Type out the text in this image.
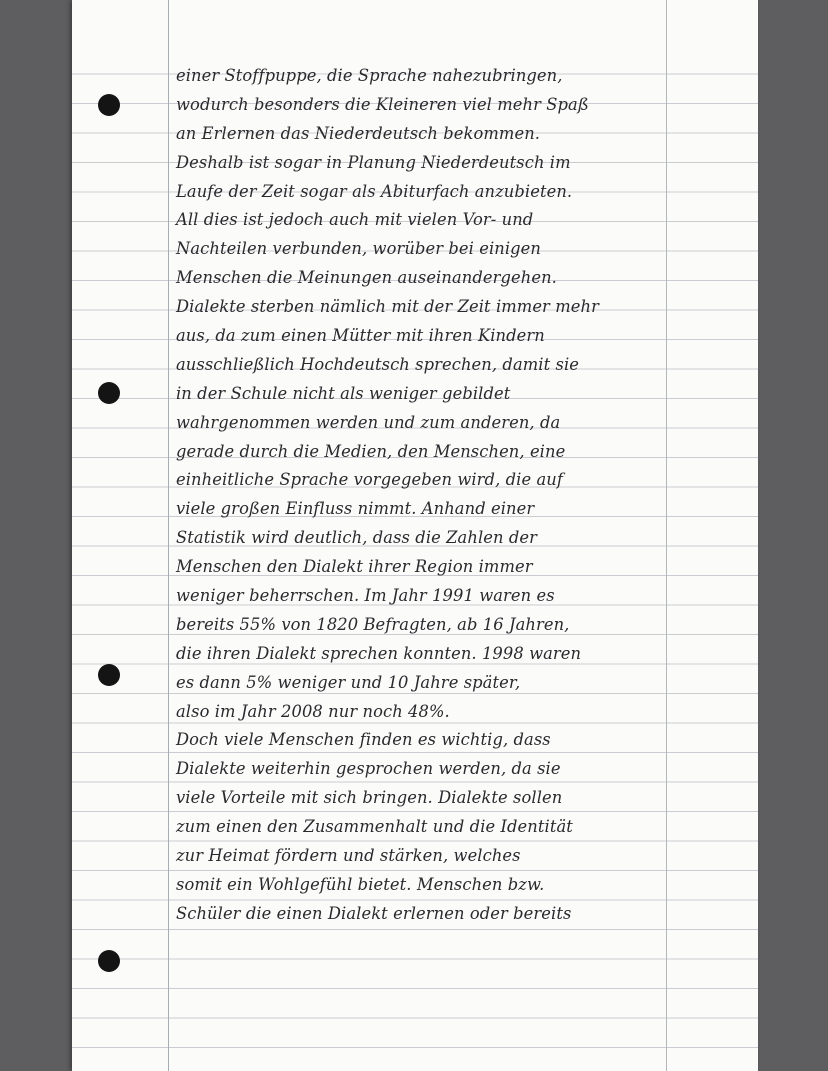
einer Stoffpuppe, die Sprache nahezubringen,
wodurch besonders die Kleineren viel mehr Spaß
an Erlernen das Niederdeutsch bekommen.
Deshalb ist sogar in Planung Niederdeutsch im
Laufe der Zeit sogar als Abiturfach anzubieten.
All dies ist jedoch auch mit vielen Vor- und
Nachteilen verbunden, worüber bei einigen
Menschen die Meinungen auseinandergehen.
Dialekte sterben nämlich mit der Zeit immer mehr
aus, da zum einen Mütter mit ihren Kindern
ausschließlich Hochdeutsch sprechen, damit sie
in der Schule nicht als weniger gebildet
wahrgenommen werden und zum anderen, da
gerade durch die Medien, den Menschen, eine
einheitliche Sprache vorgegeben wird, die auf
viele großen Einfluss nimmt. Anhand einer
Statistik wird deutlich, dass die Zahlen der
Menschen den Dialekt ihrer Region immer
weniger beherrschen. Im Jahr 1991 waren es
bereits 55% von 1820 Befragten, ab 16 Jahren,
die ihren Dialekt sprechen konnten. 1998 waren
es dann 5% weniger und 10 Jahre später,
also im Jahr 2008 nur noch 48%.
Doch viele Menschen finden es wichtig, dass
Dialekte weiterhin gesprochen werden, da sie
viele Vorteile mit sich bringen. Dialekte sollen
zum einen den Zusammenhalt und die Identität
zur Heimat fördern und stärken, welches
somit ein Wohlgefühl bietet. Menschen bzw.
Schüler die einen Dialekt erlernen oder bereits
